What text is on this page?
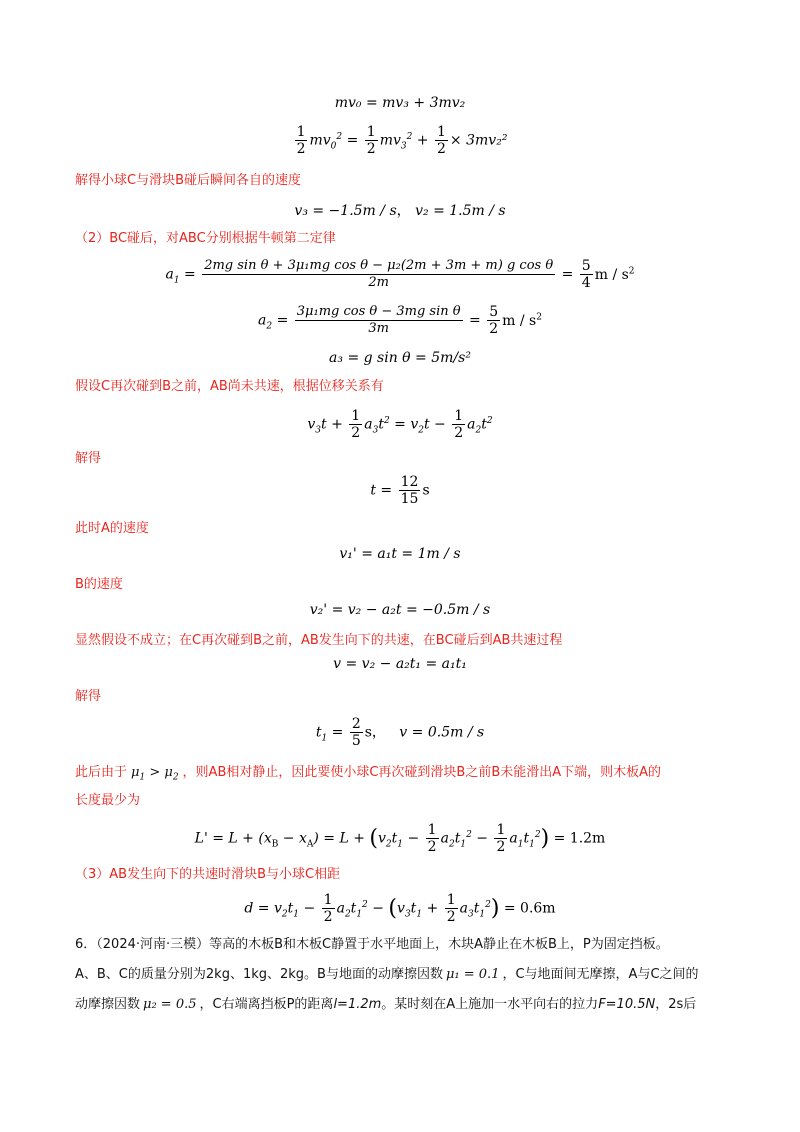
mv₀ = mv₃ + 3mv₂
$\frac{1}{2} mv_0^2 = \frac{1}{2} mv_3^2 + \frac{1}{2} \times 3mv_2^2$
解得小球C与滑块B碰后瞬间各自的速度
v₃ = −1.5m / s， v₂ = 1.5m / s
（2）BC碰后，对ABC分别根据牛顿第二定律
$a_1 = \frac{\text{2mg sin θ + 3μ₁mg cos θ − μ₂(2m + 3m + m) g cos θ}}{2m} = \frac{5}{4}$ m / $s^2$
$a_2 = \frac{\text{3μ₁mg cos θ − 3mg sin θ}}{3m} = \frac{5}{2}$ m / $s^2$
a₃ = g sin θ = 5m/s²
假设C再次碰到B之前，AB尚未共速，根据位移关系有
$v_3t + \frac{1}{2} a_3t^2 = v_2t - \frac{1}{2} a_2t^2$
解得
$t = \frac{12}{15}$ s
此时A的速度
v₁' = a₁t = 1m / s
B的速度
v₂' = v₂ − a₂t = −0.5m / s
显然假设不成立；在C再次碰到B之前，AB发生向下的共速，在BC碰后到AB共速过程
v = v₂ − a₂t₁ = a₁t₁
解得
$t_1 = \frac{2}{5}$ s， v = 0.5m / s
此后由于 $\mu_1 > \mu_2$ ，则AB相对静止，因此要使小球C再次碰到滑块B之前B未能滑出A下端，则木板A的
长度最少为
$L' = L + (x_B - x_A) = L + (v_2t_1 - \frac{1}{2} a_2t_1^2 - \frac{1}{2} a_1t_1^2) = 1.2m$
（3）AB发生向下的共速时滑块B与小球C相距
$d = v_2t_1 - \frac{1}{2} a_2t_1^2 - (v_3t_1 + \frac{1}{2} a_3t_1^2) = 0.6m$
6．（2024·河南·三模）等高的木板B和木板C静置于水平地面上，木块A静止在木板B上，P为固定挡板。
A、B、C的质量分别为2kg、1kg、2kg。B与地面的动摩擦因数 μ₁ = 0.1 ，C与地面间无摩擦，A与C之间的
动摩擦因数 μ₂ = 0.5 ，C右端离挡板P的距离l=1.2m。某时刻在A上施加一水平向右的拉力F=10.5N，2s后
